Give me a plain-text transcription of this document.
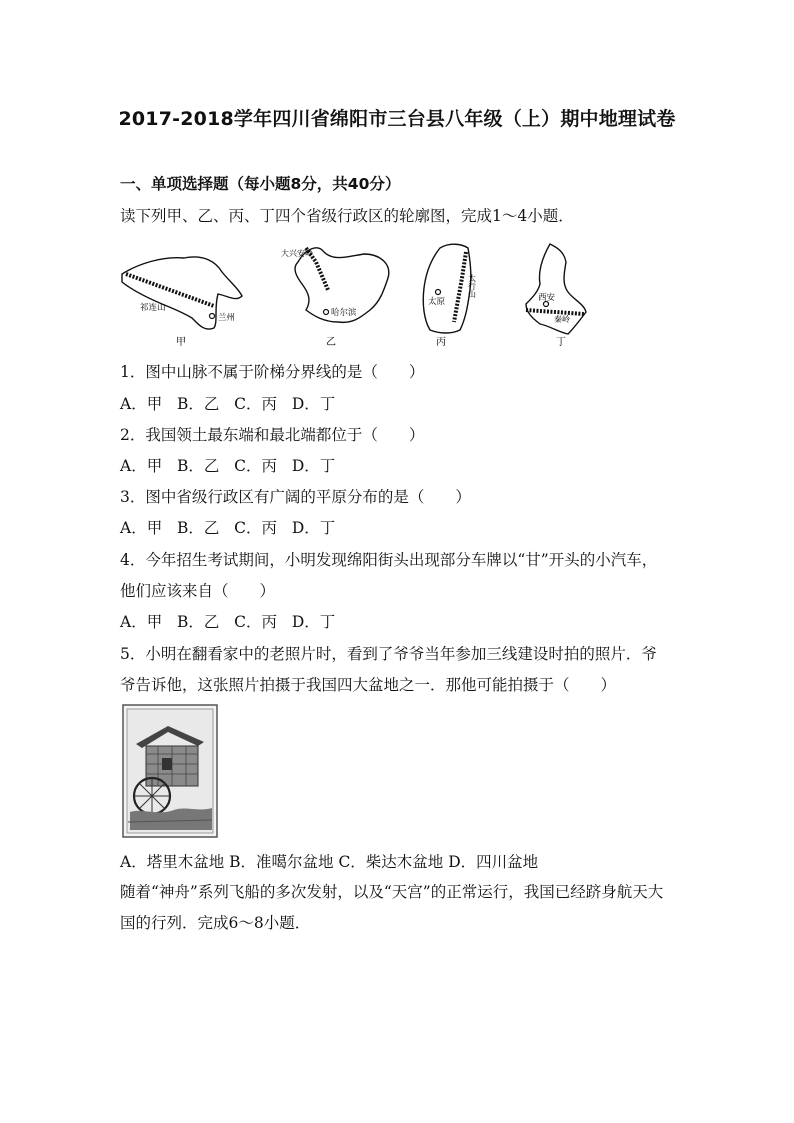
2017-2018学年四川省绵阳市三台县八年级（上）期中地理试卷
一、单项选择题（每小题8分，共40分）
读下列甲、乙、丙、丁四个省级行政区的轮廓图，完成1～4小题．
祁连山
兰州
甲
大兴安岭
哈尔滨
乙
太原
太行山
丙
西安
秦岭
丁
1．图中山脉不属于阶梯分界线的是（　　）
A．甲 B．乙 C．丙 D．丁
2．我国领土最东端和最北端都位于（　　）
A．甲 B．乙 C．丙 D．丁
3．图中省级行政区有广阔的平原分布的是（　　）
A．甲 B．乙 C．丙 D．丁
4．今年招生考试期间，小明发现绵阳街头出现部分车牌以“甘”开头的小汽车，
他们应该来自（　　）
A．甲 B．乙 C．丙 D．丁
5．小明在翻看家中的老照片时，看到了爷爷当年参加三线建设时拍的照片．爷
爷告诉他，这张照片拍摄于我国四大盆地之一．那他可能拍摄于（　　）
A．塔里木盆地 B．准噶尔盆地 C．柴达木盆地 D．四川盆地
随着“神舟”系列飞船的多次发射，以及“天宫”的正常运行，我国已经跻身航天大
国的行列．完成6～8小题．
